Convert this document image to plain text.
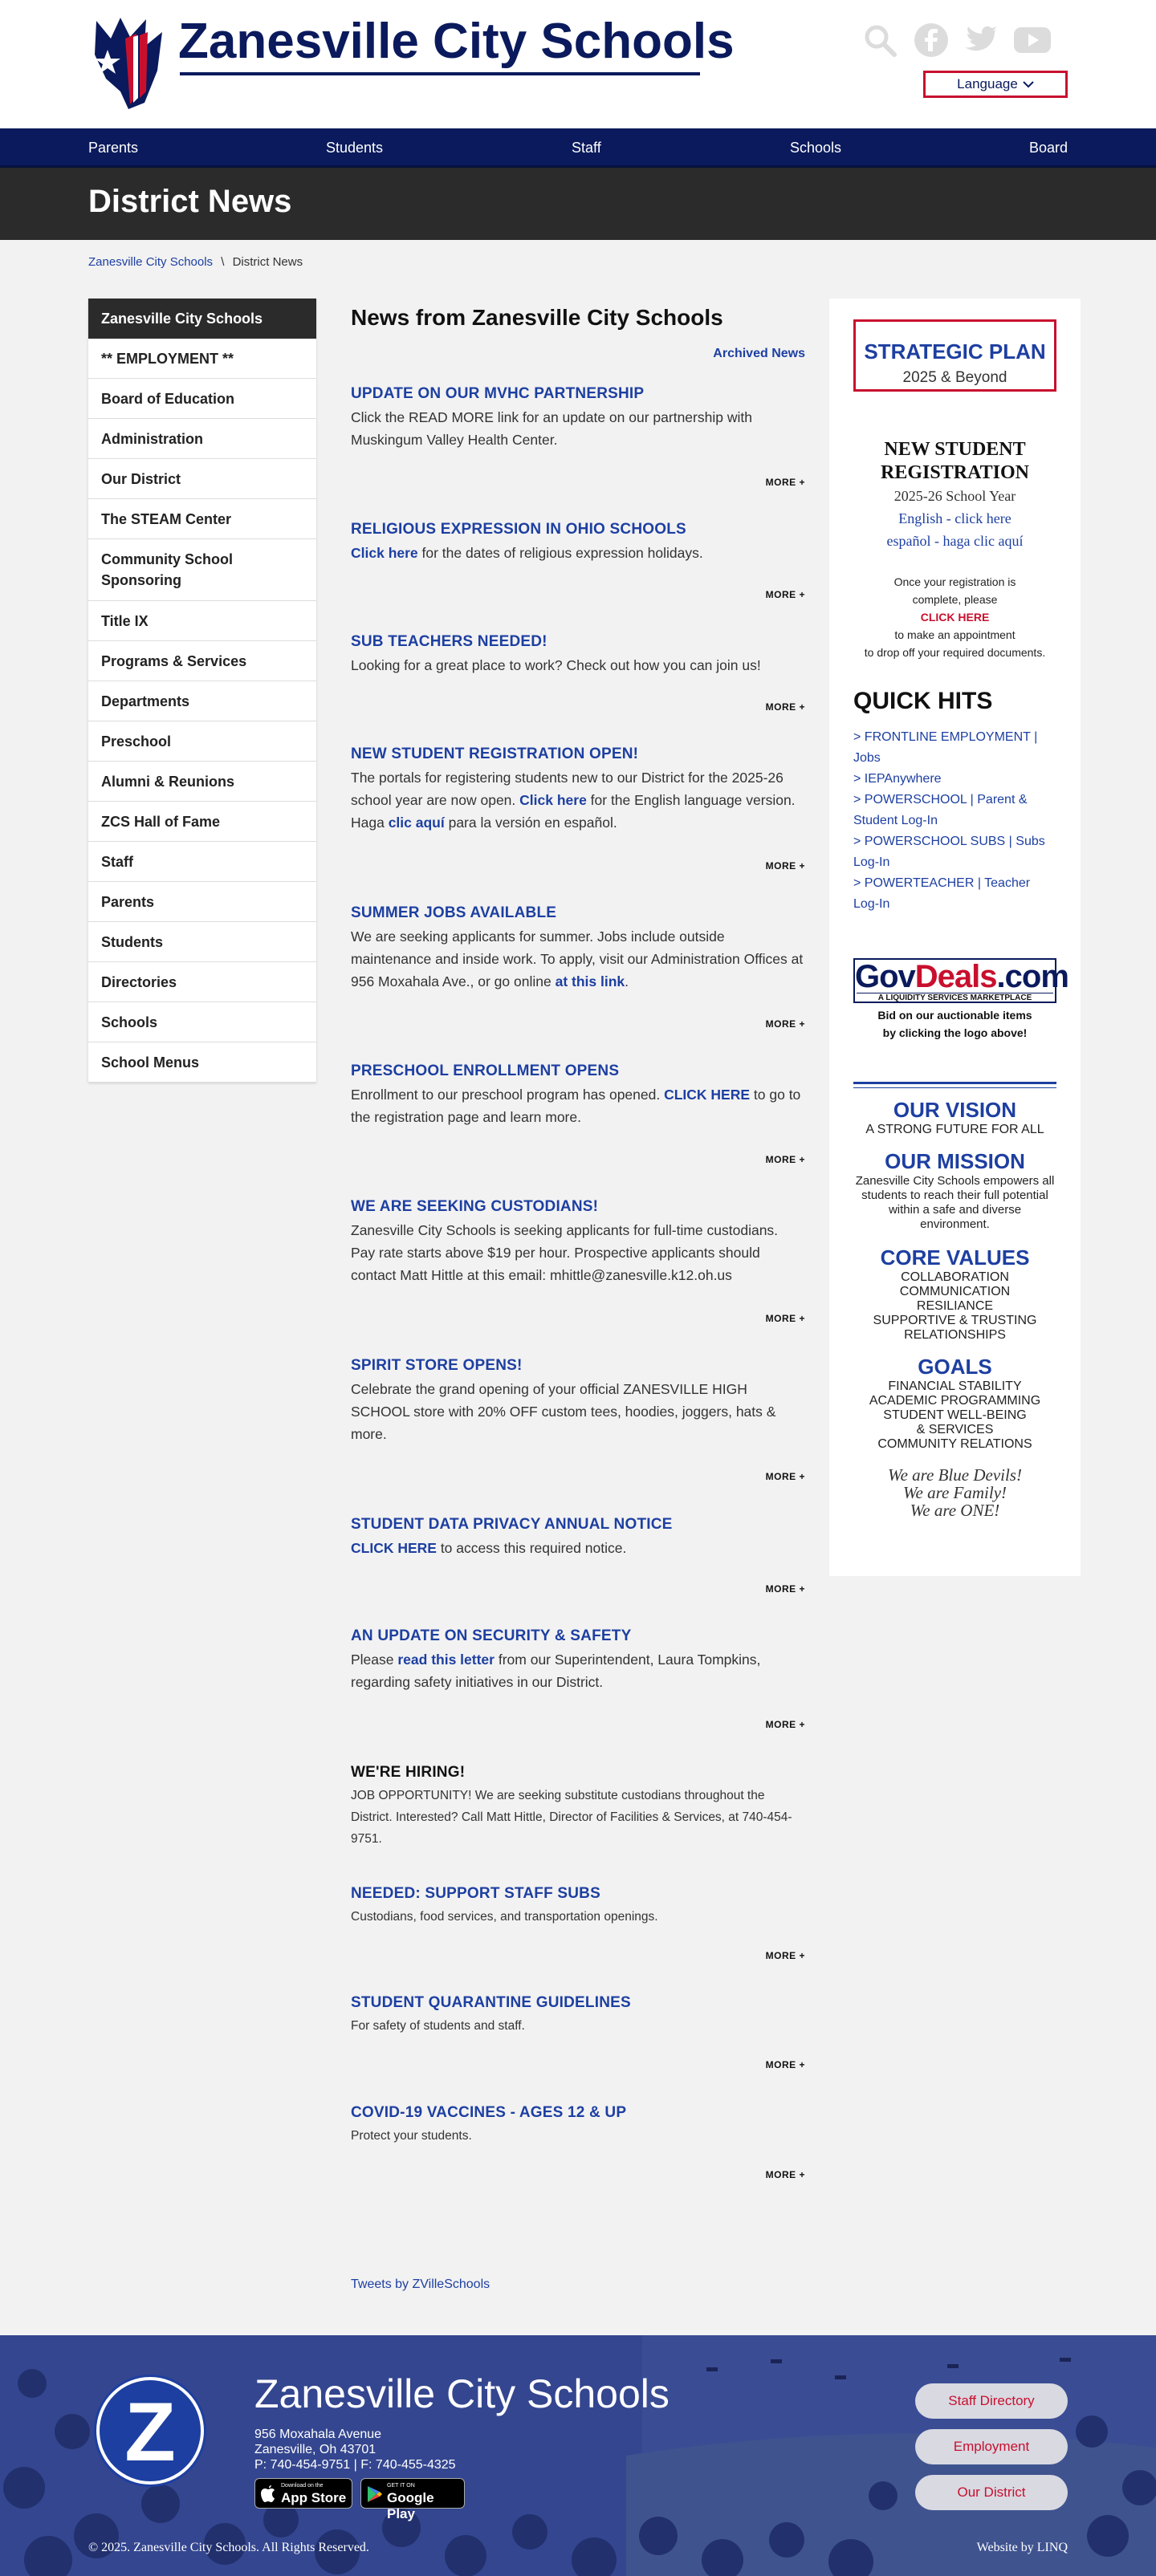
Zanesville City Schools
Language
Parents	Students	Staff	Schools	Board
District News
Zanesville City Schools \ District News
Zanesville City Schools
** EMPLOYMENT **
Board of Education
Administration
Our District
The STEAM Center
Community School Sponsoring
Title IX
Programs & Services
Departments
Preschool
Alumni & Reunions
ZCS Hall of Fame
Staff
Parents
Students
Directories
Schools
School Menus
News from Zanesville City Schools
Archived News
UPDATE ON OUR MVHC PARTNERSHIP

Click the READ MORE link for an update on our partnership with Muskingum Valley Health Center.

MORE +
RELIGIOUS EXPRESSION IN OHIO SCHOOLS

Click here for the dates of religious expression holidays.

MORE +
SUB TEACHERS NEEDED!

Looking for a great place to work? Check out how you can join us!

MORE +
NEW STUDENT REGISTRATION OPEN!

The portals for registering students new to our District for the 2025-26 school year are now open. Click here for the English language version. Haga clic aquí para la versión en español.

MORE +
SUMMER JOBS AVAILABLE

We are seeking applicants for summer. Jobs include outside maintenance and inside work. To apply, visit our Administration Offices at 956 Moxahala Ave., or go online at this link.

MORE +
PRESCHOOL ENROLLMENT OPENS

Enrollment to our preschool program has opened. CLICK HERE to go to the registration page and learn more.

MORE +
WE ARE SEEKING CUSTODIANS!

Zanesville City Schools is seeking applicants for full-time custodians. Pay rate starts above $19 per hour. Prospective applicants should contact Matt Hittle at this email: mhittle@zanesville.k12.oh.us

MORE +
SPIRIT STORE OPENS!

Celebrate the grand opening of your official ZANESVILLE HIGH SCHOOL store with 20% OFF custom tees, hoodies, joggers, hats & more.

MORE +
STUDENT DATA PRIVACY ANNUAL NOTICE

CLICK HERE to access this required notice.

MORE +
AN UPDATE ON SECURITY & SAFETY

Please read this letter from our Superintendent, Laura Tompkins, regarding safety initiatives in our District.

MORE +
WE'RE HIRING!

JOB OPPORTUNITY! We are seeking substitute custodians throughout the District. Interested? Call Matt Hittle, Director of Facilities & Services, at 740-454-9751.

NEEDED: SUPPORT STAFF SUBS

Custodians, food services, and transportation openings.

MORE +
STUDENT QUARANTINE GUIDELINES

For safety of students and staff.

MORE +
COVID-19 VACCINES - AGES 12 & UP

Protect your students.

MORE +
Tweets by ZVilleSchools
STRATEGIC PLAN
2025 & Beyond
NEW STUDENT
REGISTRATION
2025-26 School Year
English - click here
español - haga clic aquí
Once your registration is
complete, please
CLICK HERE
to make an appointment
to drop off your required documents.
QUICK HITS
> FRONTLINE EMPLOYMENT | Jobs
> IEPAnywhere
> POWERSCHOOL | Parent & Student Log-In
> POWERSCHOOL SUBS | Subs Log-In
> POWERTEACHER | Teacher Log-In
GovDeals.com
A LIQUIDITY SERVICES MARKETPLACE
Bid on our auctionable items
by clicking the logo above!
OUR VISION
A STRONG FUTURE FOR ALL
OUR MISSION
Zanesville City Schools empowers all students to reach their full potential within a safe and diverse environment.
CORE VALUES
COLLABORATION
COMMUNICATION
RESILIANCE
SUPPORTIVE & TRUSTING
RELATIONSHIPS
GOALS
FINANCIAL STABILITY
ACADEMIC PROGRAMMING
STUDENT WELL-BEING
& SERVICES
COMMUNITY RELATIONS
We are Blue Devils!
We are Family!
We are ONE!
Z	Zanesville City Schools
956 Moxahala Avenue
Zanesville, Oh 43701
P: 740-454-9751 | F: 740-455-4325
Download on the
App Store
GET IT ON
Google Play
Staff Directory
Employment
Our District
© 2025. Zanesville City Schools. All Rights Reserved.	Website by LINQ
